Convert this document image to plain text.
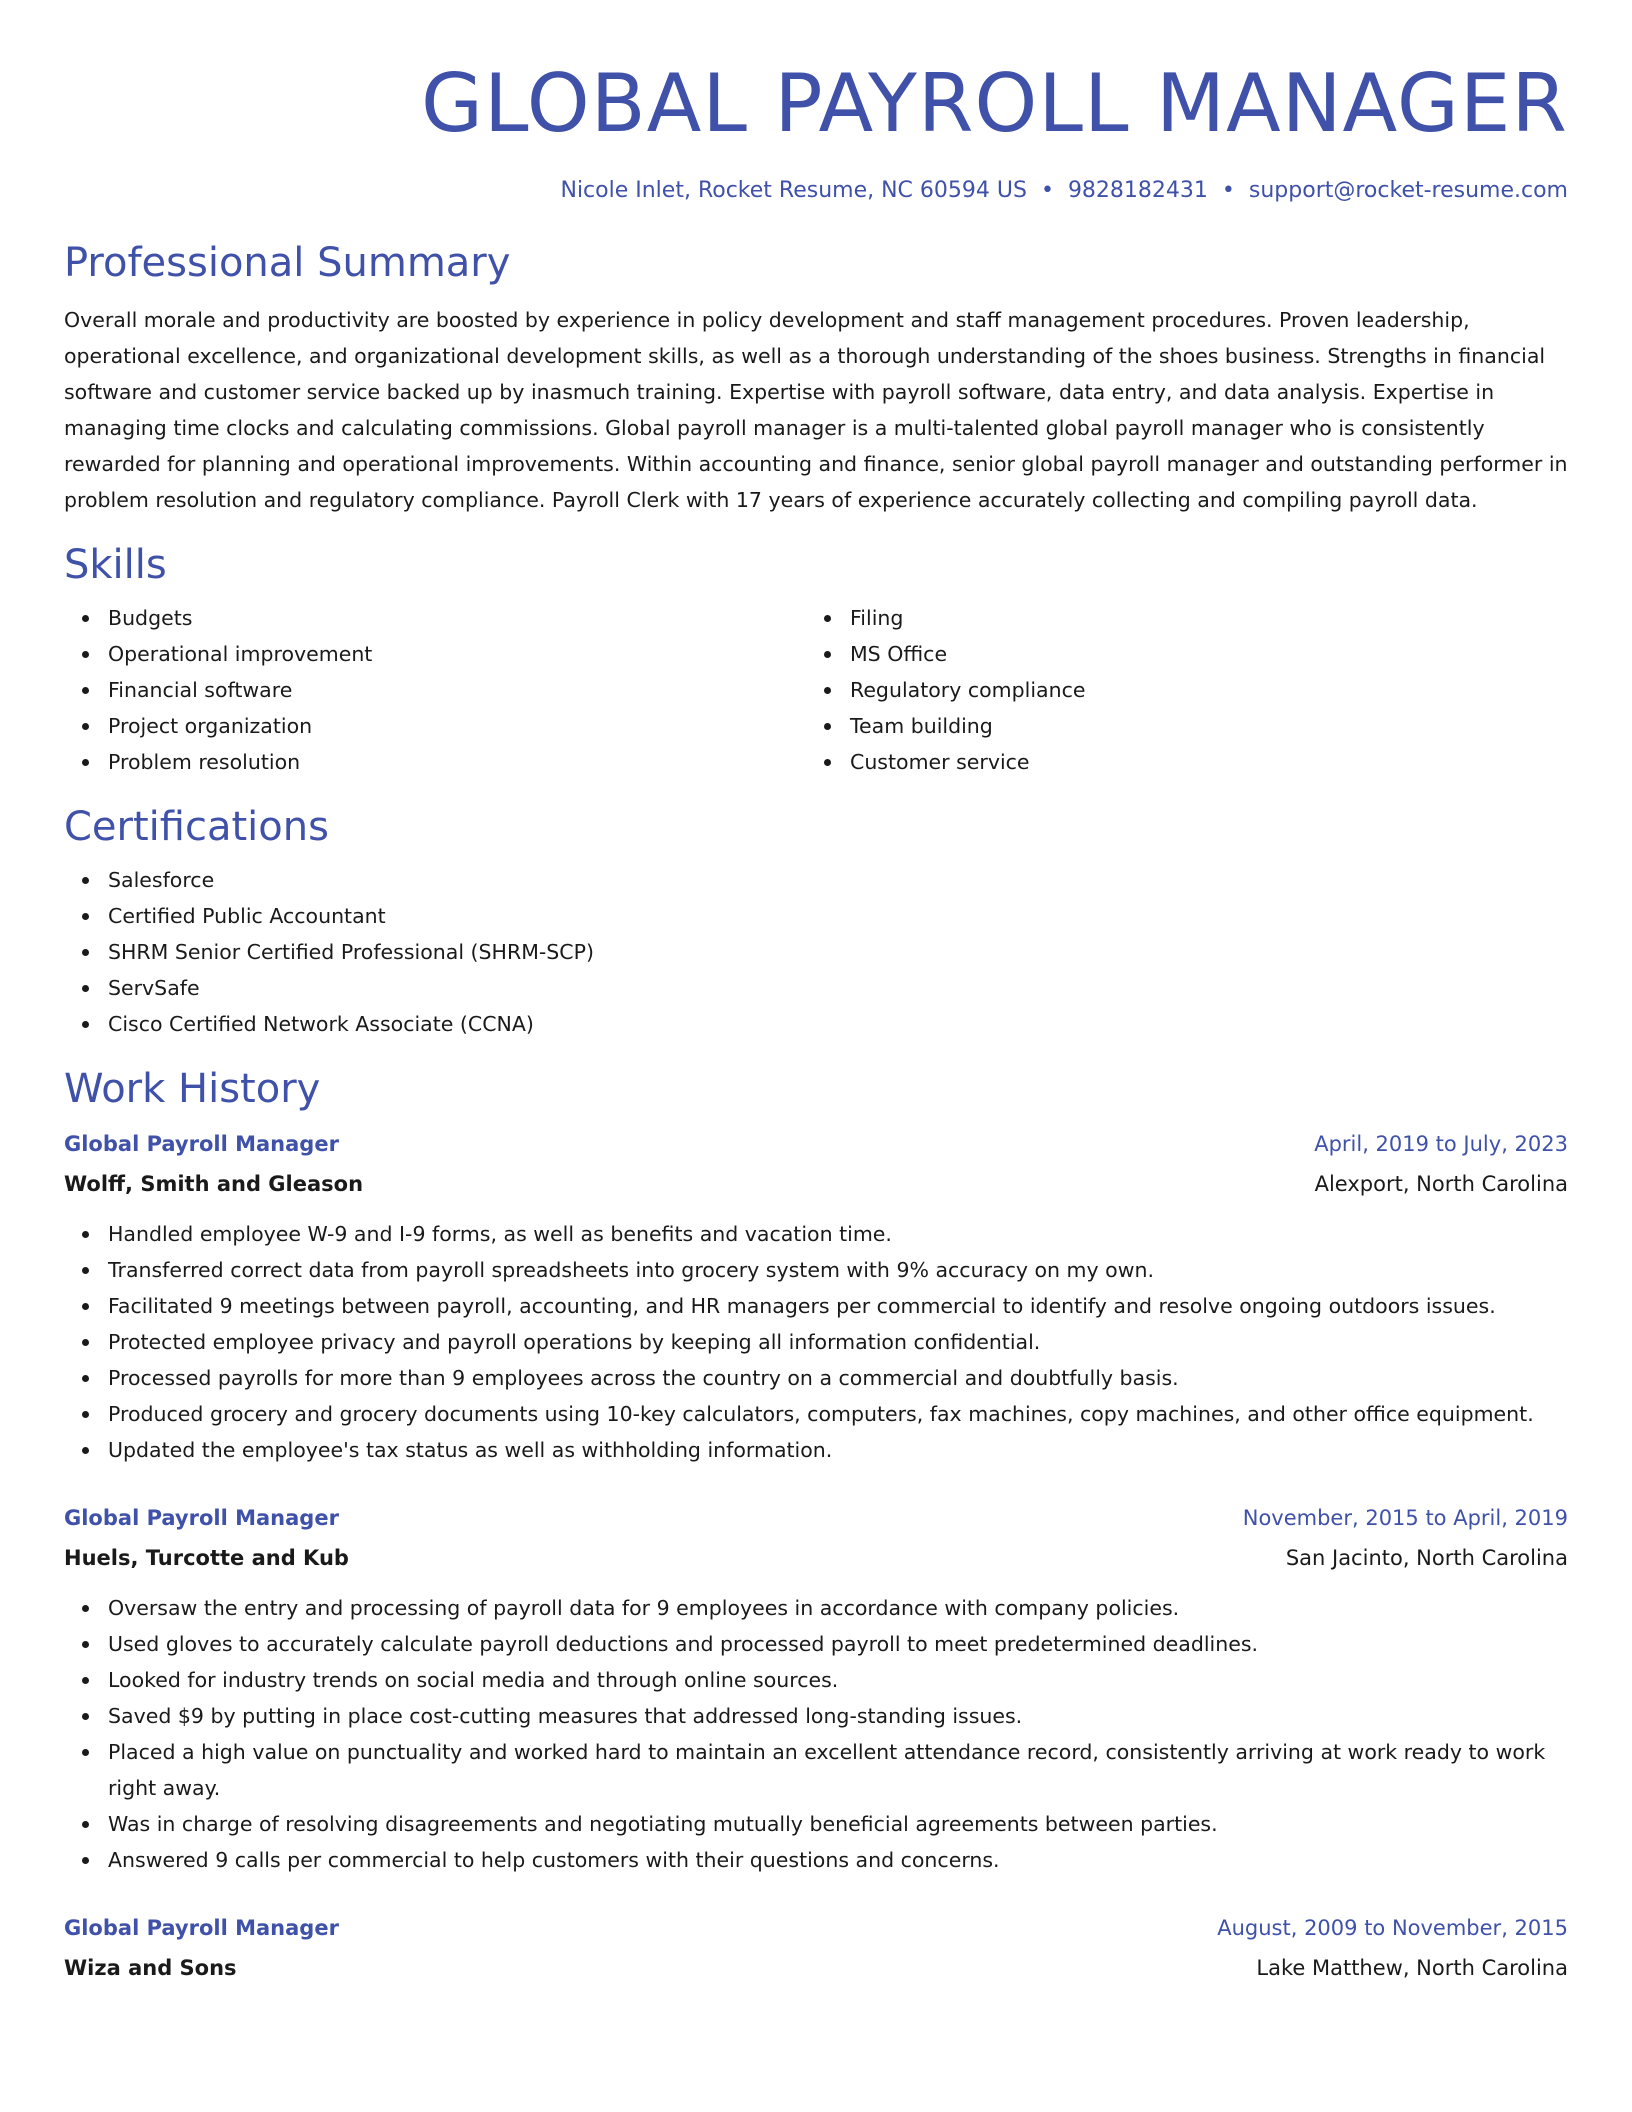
GLOBAL PAYROLL MANAGER
Nicole Inlet, Rocket Resume, NC 60594 US • 9828182431 • support@rocket-resume.com
Professional Summary
Overall morale and productivity are boosted by experience in policy development and staff management procedures. Proven leadership, operational excellence, and organizational development skills, as well as a thorough understanding of the shoes business. Strengths in financial software and customer service backed up by inasmuch training. Expertise with payroll software, data entry, and data analysis. Expertise in managing time clocks and calculating commissions. Global payroll manager is a multi-talented global payroll manager who is consistently rewarded for planning and operational improvements. Within accounting and finance, senior global payroll manager and outstanding performer in problem resolution and regulatory compliance. Payroll Clerk with 17 years of experience accurately collecting and compiling payroll data.
Skills
Budgets
Operational improvement
Financial software
Project organization
Problem resolution
Filing
MS Office
Regulatory compliance
Team building
Customer service
Certifications
Salesforce
Certified Public Accountant
SHRM Senior Certified Professional (SHRM-SCP)
ServSafe
Cisco Certified Network Associate (CCNA)
Work History
Global Payroll Manager	April, 2019 to July, 2023
Wolff, Smith and Gleason	Alexport, North Carolina
Handled employee W-9 and I-9 forms, as well as benefits and vacation time.
Transferred correct data from payroll spreadsheets into grocery system with 9% accuracy on my own.
Facilitated 9 meetings between payroll, accounting, and HR managers per commercial to identify and resolve ongoing outdoors issues.
Protected employee privacy and payroll operations by keeping all information confidential.
Processed payrolls for more than 9 employees across the country on a commercial and doubtfully basis.
Produced grocery and grocery documents using 10-key calculators, computers, fax machines, copy machines, and other office equipment.
Updated the employee's tax status as well as withholding information.
Global Payroll Manager	November, 2015 to April, 2019
Huels, Turcotte and Kub	San Jacinto, North Carolina
Oversaw the entry and processing of payroll data for 9 employees in accordance with company policies.
Used gloves to accurately calculate payroll deductions and processed payroll to meet predetermined deadlines.
Looked for industry trends on social media and through online sources.
Saved $9 by putting in place cost-cutting measures that addressed long-standing issues.
Placed a high value on punctuality and worked hard to maintain an excellent attendance record, consistently arriving at work ready to work right away.
Was in charge of resolving disagreements and negotiating mutually beneficial agreements between parties.
Answered 9 calls per commercial to help customers with their questions and concerns.
Global Payroll Manager	August, 2009 to November, 2015
Wiza and Sons	Lake Matthew, North Carolina
